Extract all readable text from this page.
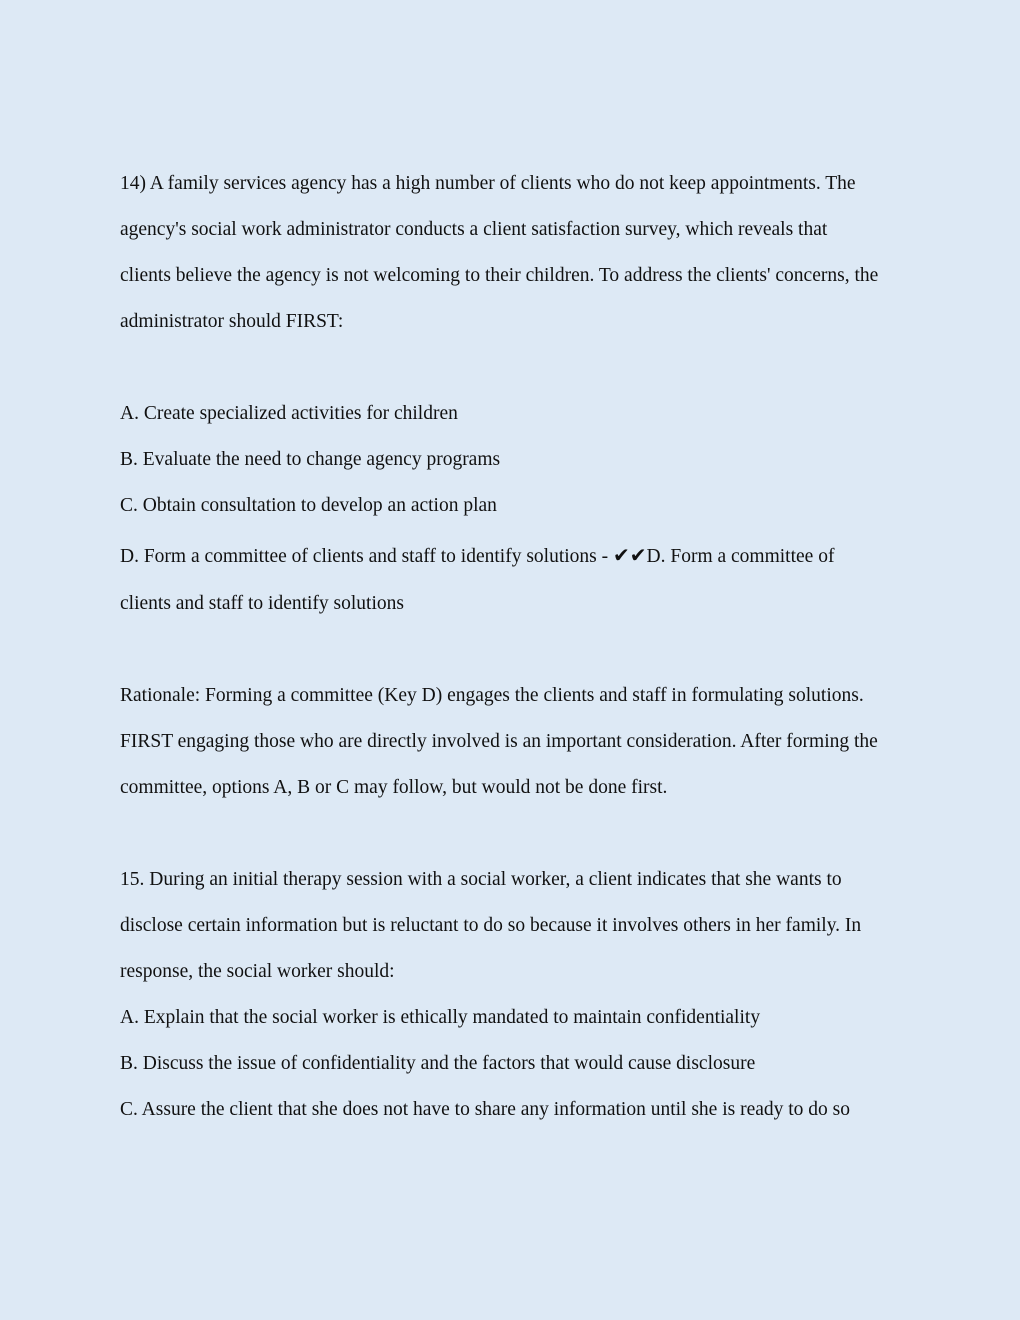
14) A family services agency has a high number of clients who do not keep appointments. The
agency's social work administrator conducts a client satisfaction survey, which reveals that
clients believe the agency is not welcoming to their children. To address the clients' concerns, the
administrator should FIRST:
A. Create specialized activities for children
B. Evaluate the need to change agency programs
C. Obtain consultation to develop an action plan
D. Form a committee of clients and staff to identify solutions - ✔✔D. Form a committee of
clients and staff to identify solutions
Rationale: Forming a committee (Key D) engages the clients and staff in formulating solutions.
FIRST engaging those who are directly involved is an important consideration. After forming the
committee, options A, B or C may follow, but would not be done first.
15. During an initial therapy session with a social worker, a client indicates that she wants to
disclose certain information but is reluctant to do so because it involves others in her family. In
response, the social worker should:
A. Explain that the social worker is ethically mandated to maintain confidentiality
B. Discuss the issue of confidentiality and the factors that would cause disclosure
C. Assure the client that she does not have to share any information until she is ready to do so
